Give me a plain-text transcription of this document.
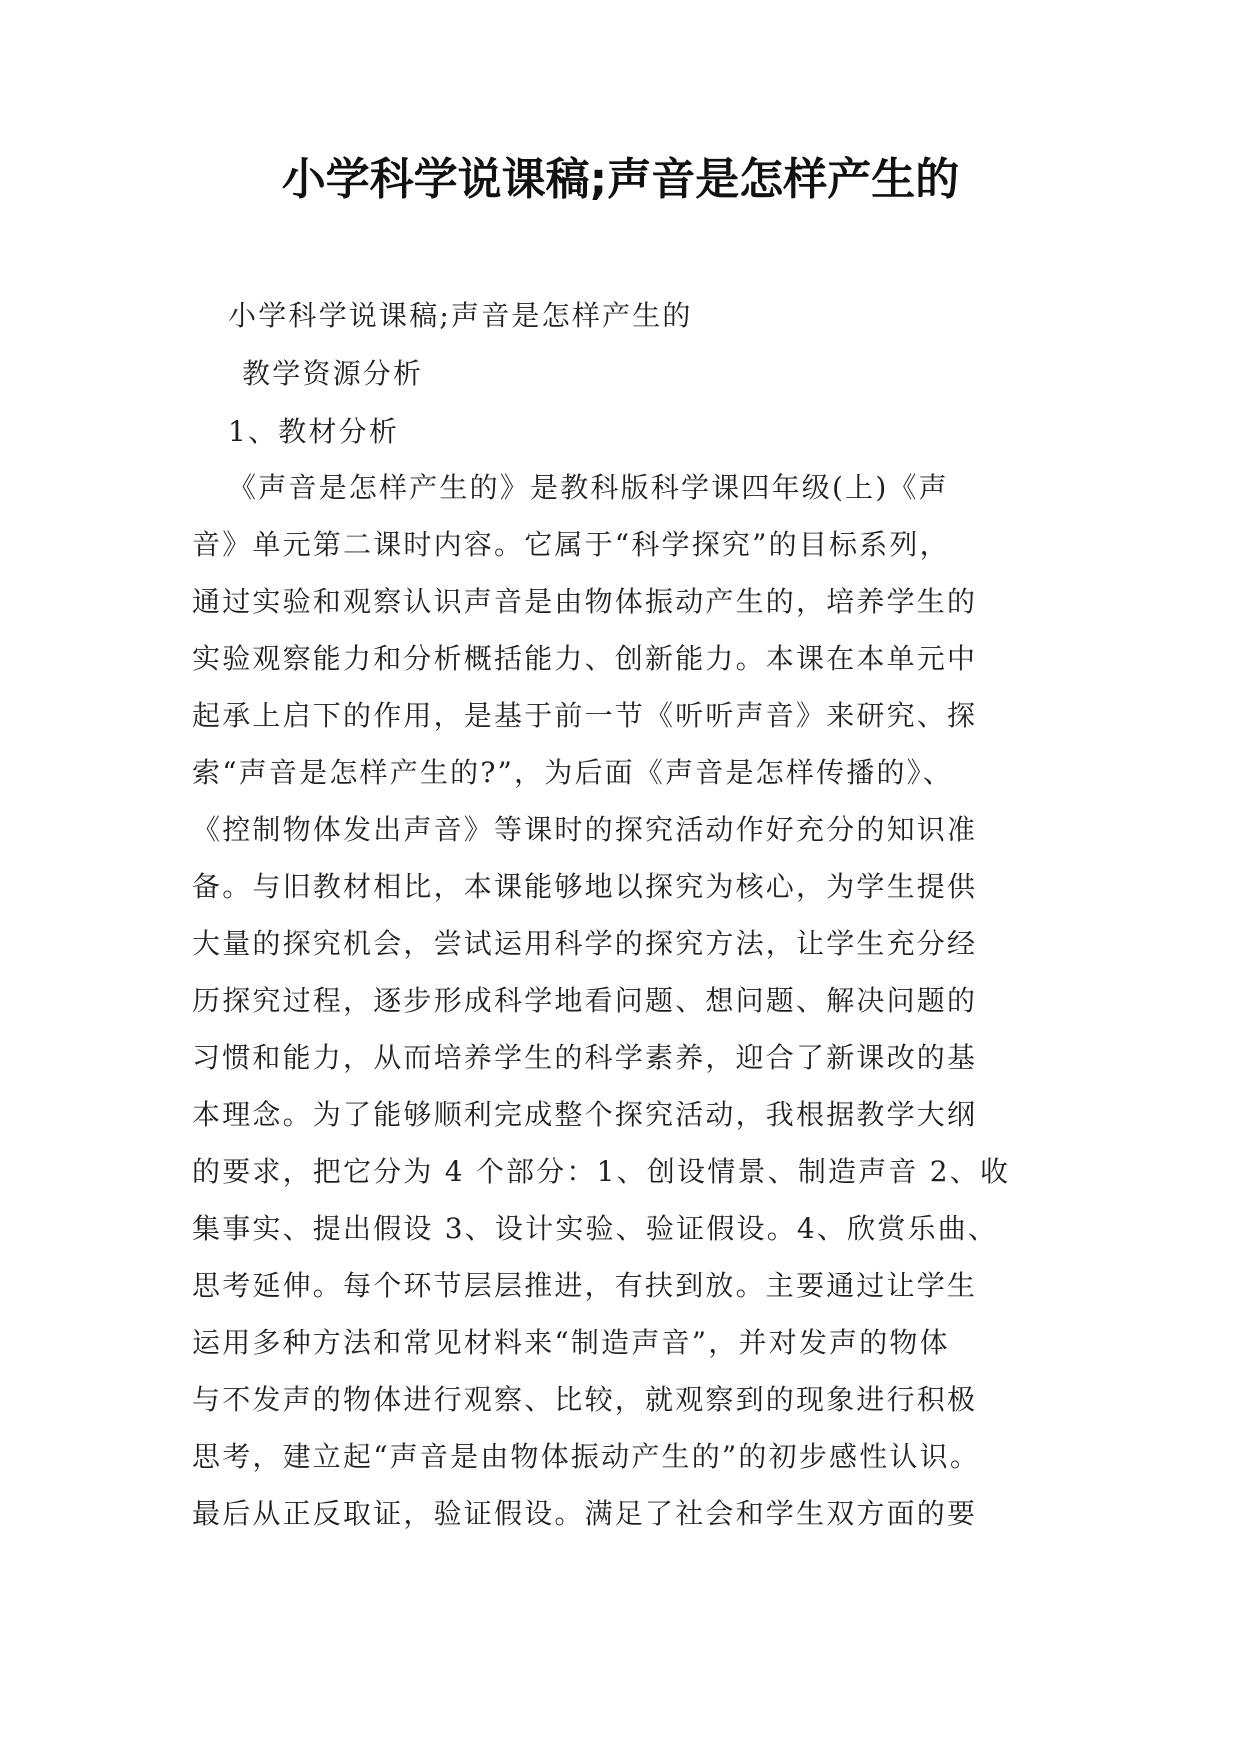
小学科学说课稿;声音是怎样产生的

小学科学说课稿;声音是怎样产生的

教学资源分析

1、教材分析

《声音是怎样产生的》是教科版科学课四年级(上)《声

音》单元第二课时内容。它属于“科学探究”的目标系列，

通过实验和观察认识声音是由物体振动产生的，培养学生的

实验观察能力和分析概括能力、创新能力。本课在本单元中

起承上启下的作用，是基于前一节《听听声音》来研究、探

索“声音是怎样产生的?”，为后面《声音是怎样传播的》、

《控制物体发出声音》等课时的探究活动作好充分的知识准

备。与旧教材相比，本课能够地以探究为核心，为学生提供

大量的探究机会，尝试运用科学的探究方法，让学生充分经

历探究过程，逐步形成科学地看问题、想问题、解决问题的

习惯和能力，从而培养学生的科学素养，迎合了新课改的基

本理念。为了能够顺利完成整个探究活动，我根据教学大纲

的要求，把它分为 4 个部分：1、创设情景、制造声音 2、收

集事实、提出假设 3、设计实验、验证假设。4、欣赏乐曲、

思考延伸。每个环节层层推进，有扶到放。主要通过让学生

运用多种方法和常见材料来“制造声音”，并对发声的物体

与不发声的物体进行观察、比较，就观察到的现象进行积极

思考，建立起“声音是由物体振动产生的”的初步感性认识。

最后从正反取证，验证假设。满足了社会和学生双方面的要
